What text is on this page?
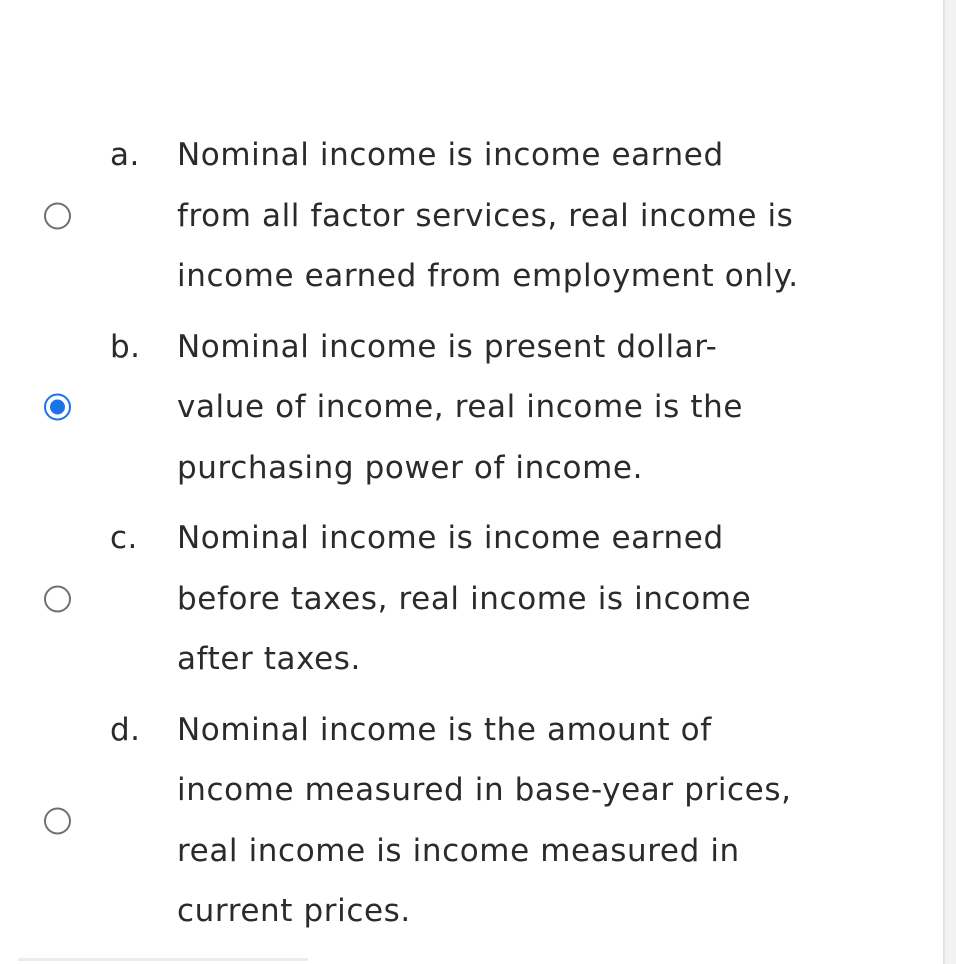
a.	Nominal income is income earned
from all factor services, real income is
income earned from employment only.
b.	Nominal income is present dollar-
value of income, real income is the
purchasing power of income.
c.	Nominal income is income earned
before taxes, real income is income
after taxes.
d.	Nominal income is the amount of
income measured in base-year prices,
real income is income measured in
current prices.
